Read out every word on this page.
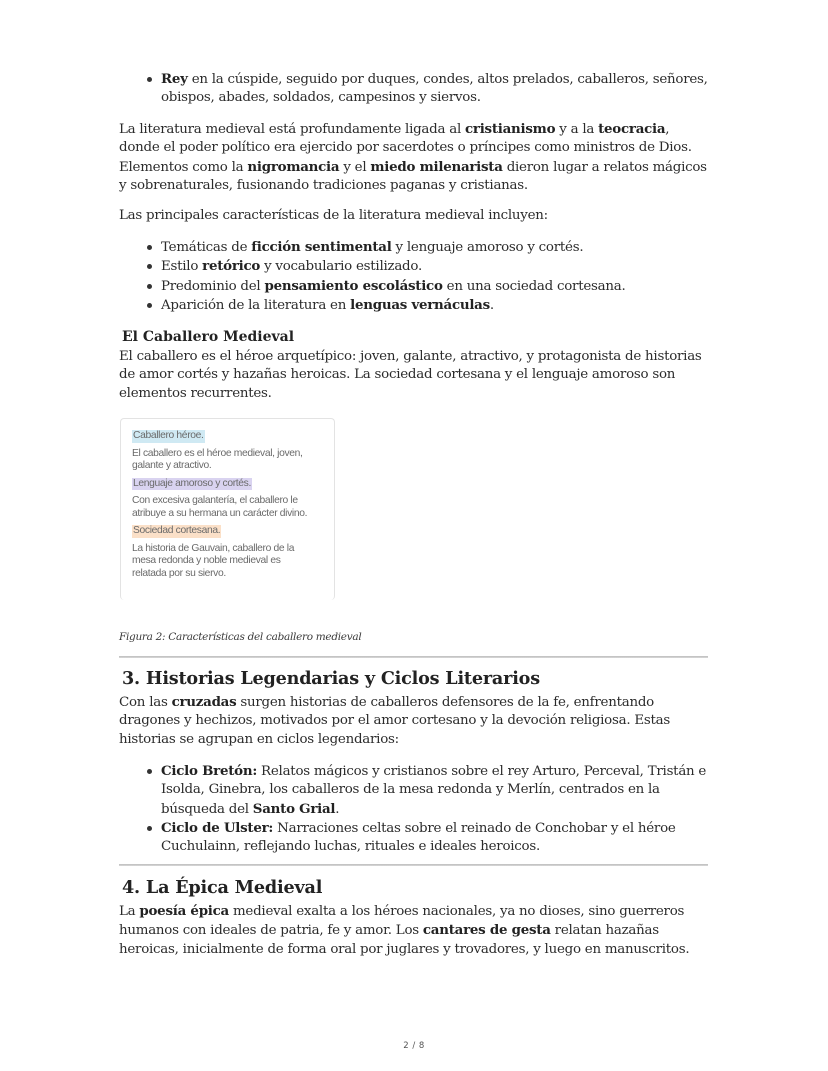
Rey en la cúspide, seguido por duques, condes, altos prelados, caballeros, señores, obispos, abades, soldados, campesinos y siervos.

La literatura medieval está profundamente ligada al cristianismo y a la teocracia, donde el poder político era ejercido por sacerdotes o príncipes como ministros de Dios. Elementos como la nigromancia y el miedo milenarista dieron lugar a relatos mágicos y sobrenaturales, fusionando tradiciones paganas y cristianas.

Las principales características de la literatura medieval incluyen:

Temáticas de ficción sentimental y lenguaje amoroso y cortés.
Estilo retórico y vocabulario estilizado.
Predominio del pensamiento escolástico en una sociedad cortesana.
Aparición de la literatura en lenguas vernáculas.
El Caballero Medieval

El caballero es el héroe arquetípico: joven, galante, atractivo, y protagonista de historias de amor cortés y hazañas heroicas. La sociedad cortesana y el lenguaje amoroso son elementos recurrentes.

3. Historias Legendarias y Ciclos Literarios

Con las cruzadas surgen historias de caballeros defensores de la fe, enfrentando dragones y hechizos, motivados por el amor cortesano y la devoción religiosa. Estas historias se agrupan en ciclos legendarios:

Ciclo Bretón: Relatos mágicos y cristianos sobre el rey Arturo, Perceval, Tristán e Isolda, Ginebra, los caballeros de la mesa redonda y Merlín, centrados en la búsqueda del Santo Grial.
Ciclo de Ulster: Narraciones celtas sobre el reinado de Conchobar y el héroe Cuchulainn, reflejando luchas, rituales e ideales heroicos.
4. La Épica Medieval

La poesía épica medieval exalta a los héroes nacionales, ya no dioses, sino guerreros humanos con ideales de patria, fe y amor. Los cantares de gesta relatan hazañas heroicas, inicialmente de forma oral por juglares y trovadores, y luego en manuscritos.

Caballero héroe.
El caballero es el héroe medieval, joven, galante y atractivo.
Lenguaje amoroso y cortés.
Con excesiva galantería, el caballero le atribuye a su hermana un carácter divino.
Sociedad cortesana.
La historia de Gauvain, caballero de la mesa redonda y noble medieval es relatada por su siervo.
Figura 2: Características del caballero medieval
2 / 8
